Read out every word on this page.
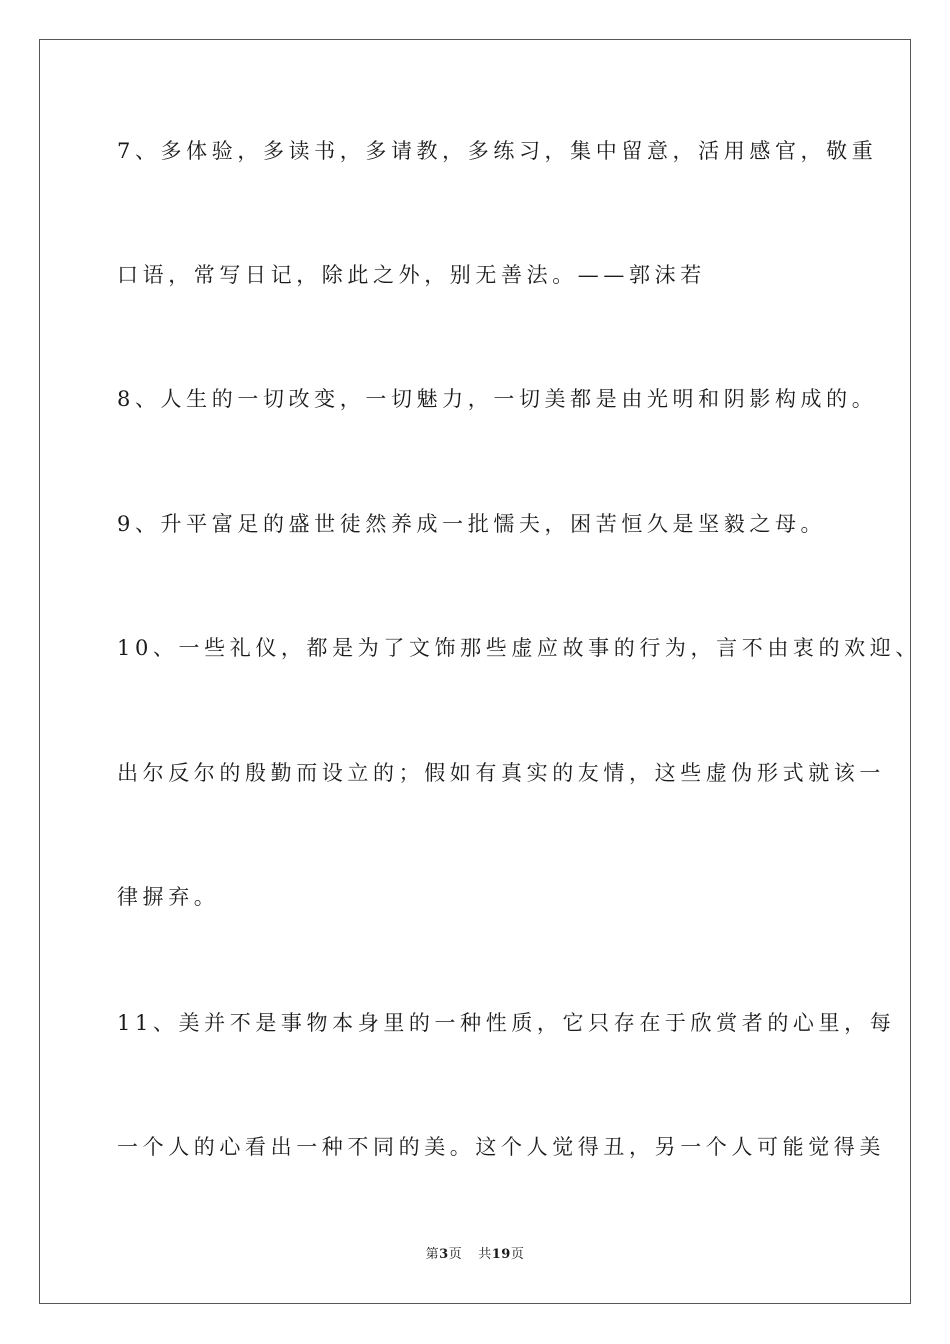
7、多体验，多读书，多请教，多练习，集中留意，活用感官，敬重
口语，常写日记，除此之外，别无善法。——郭沫若
8、人生的一切改变，一切魅力，一切美都是由光明和阴影构成的。
9、升平富足的盛世徒然养成一批懦夫，困苦恒久是坚毅之母。
10、一些礼仪，都是为了文饰那些虚应故事的行为，言不由衷的欢迎、
出尔反尔的殷勤而设立的；假如有真实的友情，这些虚伪形式就该一
律摒弃。
11、美并不是事物本身里的一种性质，它只存在于欣赏者的心里，每
一个人的心看出一种不同的美。这个人觉得丑，另一个人可能觉得美
第3页 共19页
